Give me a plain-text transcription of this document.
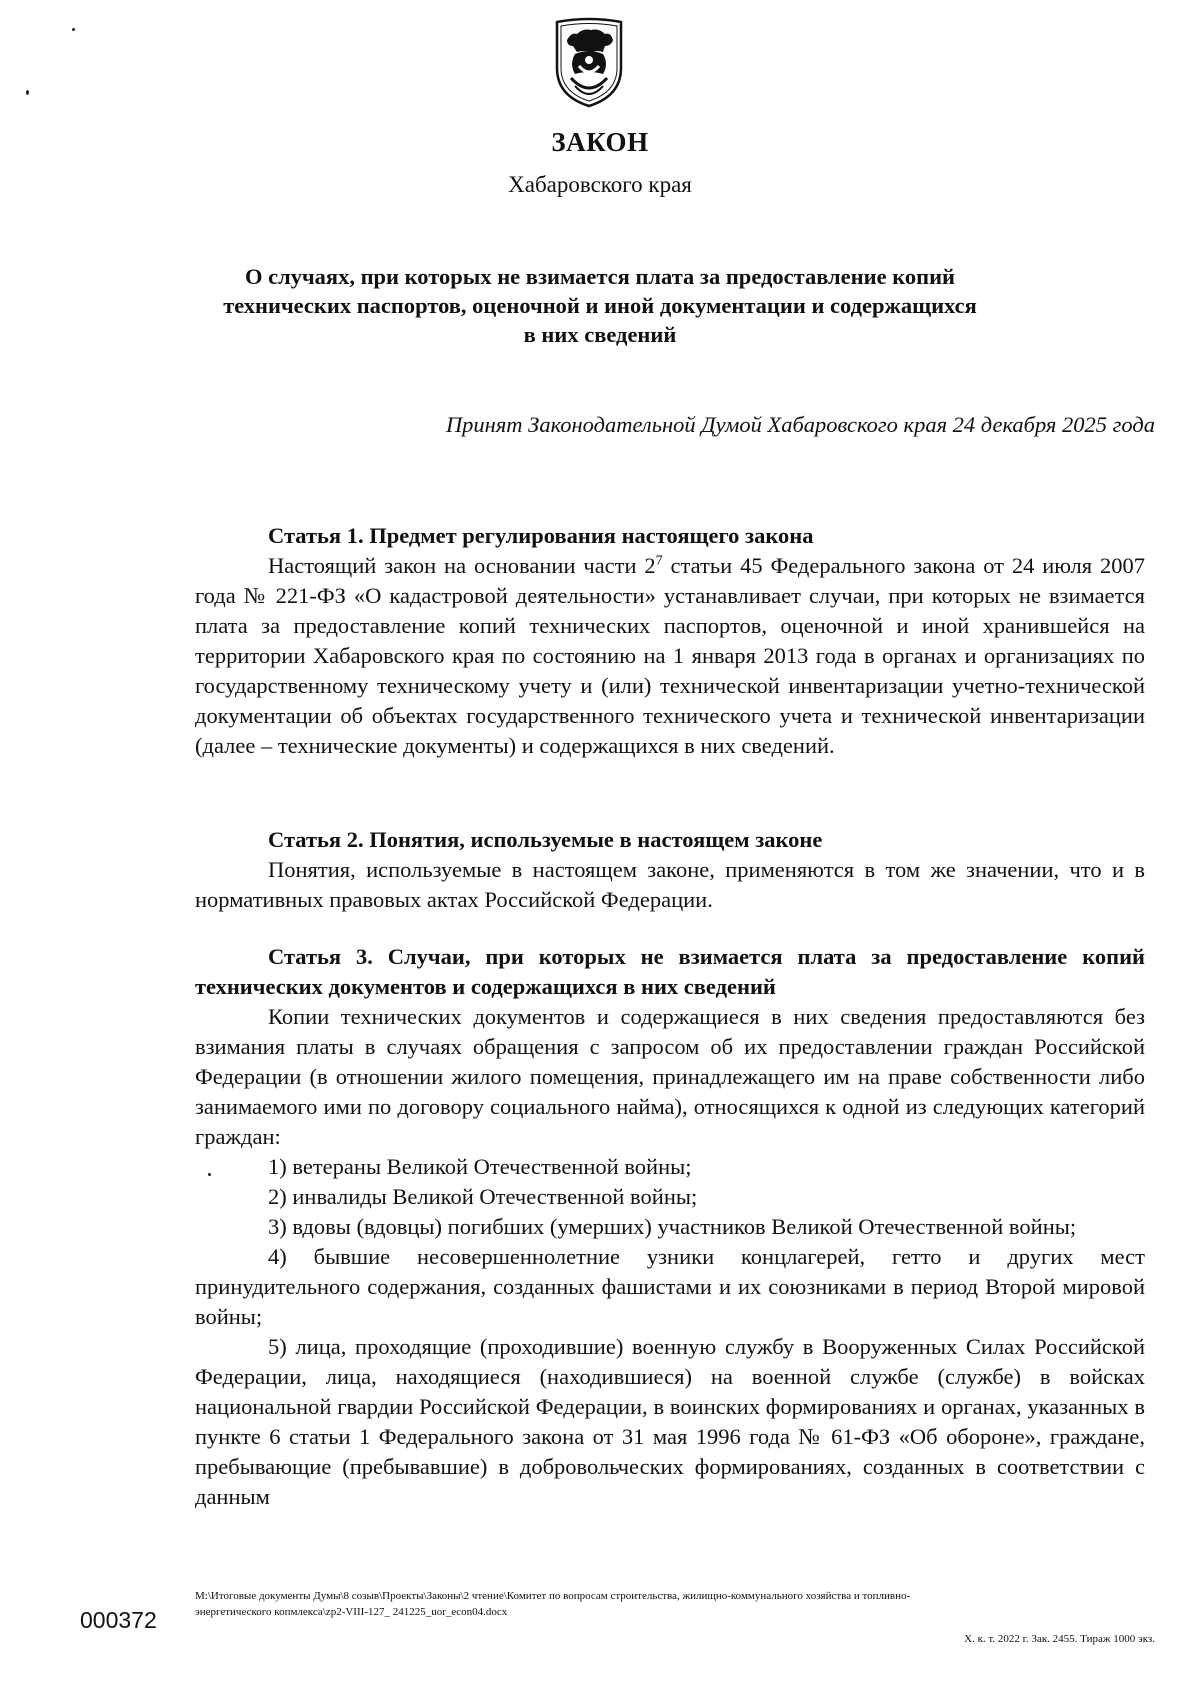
ЗАКОН
Хабаровского края
О случаях, при которых не взимается плата за предоставление копий
технических паспортов, оценочной и иной документации и содержащихся
в них сведений
Принят Законодательной Думой Хабаровского края 24 декабря 2025 года

Статья 1. Предмет регулирования настоящего закона

Настоящий закон на основании части $2^7$ статьи 45 Федерального закона от 24 июля 2007 года № 221-ФЗ «О кадастровой деятельности» устанавливает случаи, при которых не взимается плата за предоставление копий технических паспортов, оценочной и иной хранившейся на территории Хабаровского края по состоянию на 1 января 2013 года в органах и организациях по государственному техническому учету и (или) технической инвентаризации учетно-технической документации об объектах государственного технического учета и технической инвентаризации (далее – технические документы) и содержащихся в них сведений.

Статья 2. Понятия, используемые в настоящем законе

Понятия, используемые в настоящем законе, применяются в том же значении, что и в нормативных правовых актах Российской Федерации.

Статья 3. Случаи, при которых не взимается плата за предоставление копий технических документов и содержащихся в них сведений

Копии технических документов и содержащиеся в них сведения предоставляются без взимания платы в случаях обращения с запросом об их предоставлении граждан Российской Федерации (в отношении жилого помещения, принадлежащего им на праве собственности либо занимаемого ими по договору социального найма), относящихся к одной из следующих категорий граждан:

1) ветераны Великой Отечественной войны;

2) инвалиды Великой Отечественной войны;

3) вдовы (вдовцы) погибших (умерших) участников Великой Отечественной войны;

4) бывшие несовершеннолетние узники концлагерей, гетто и других мест принудительного содержания, созданных фашистами и их союзниками в период Второй мировой войны;

5) лица, проходящие (проходившие) военную службу в Вооруженных Силах Российской Федерации, лица, находящиеся (находившиеся) на военной службе (службе) в войсках национальной гвардии Российской Федерации, в воинских формированиях и органах, указанных в пункте 6 статьи 1 Федерального закона от 31 мая 1996 года № 61-ФЗ «Об обороне», граждане, пребывающие (пребывавшие) в добровольческих формированиях, созданных в соответствии с данным

000372
М:\Итоговые документы Думы\8 созыв\Проекты\Законы\2 чтение\Комитет по вопросам строительства, жилищно-коммунального хозяйства и топливно-
энергетического копмлекса\zp2-VIII-127_ 241225_uor_econ04.docx
Х. к. т. 2022 г. Зак. 2455. Тираж 1000 экз.
